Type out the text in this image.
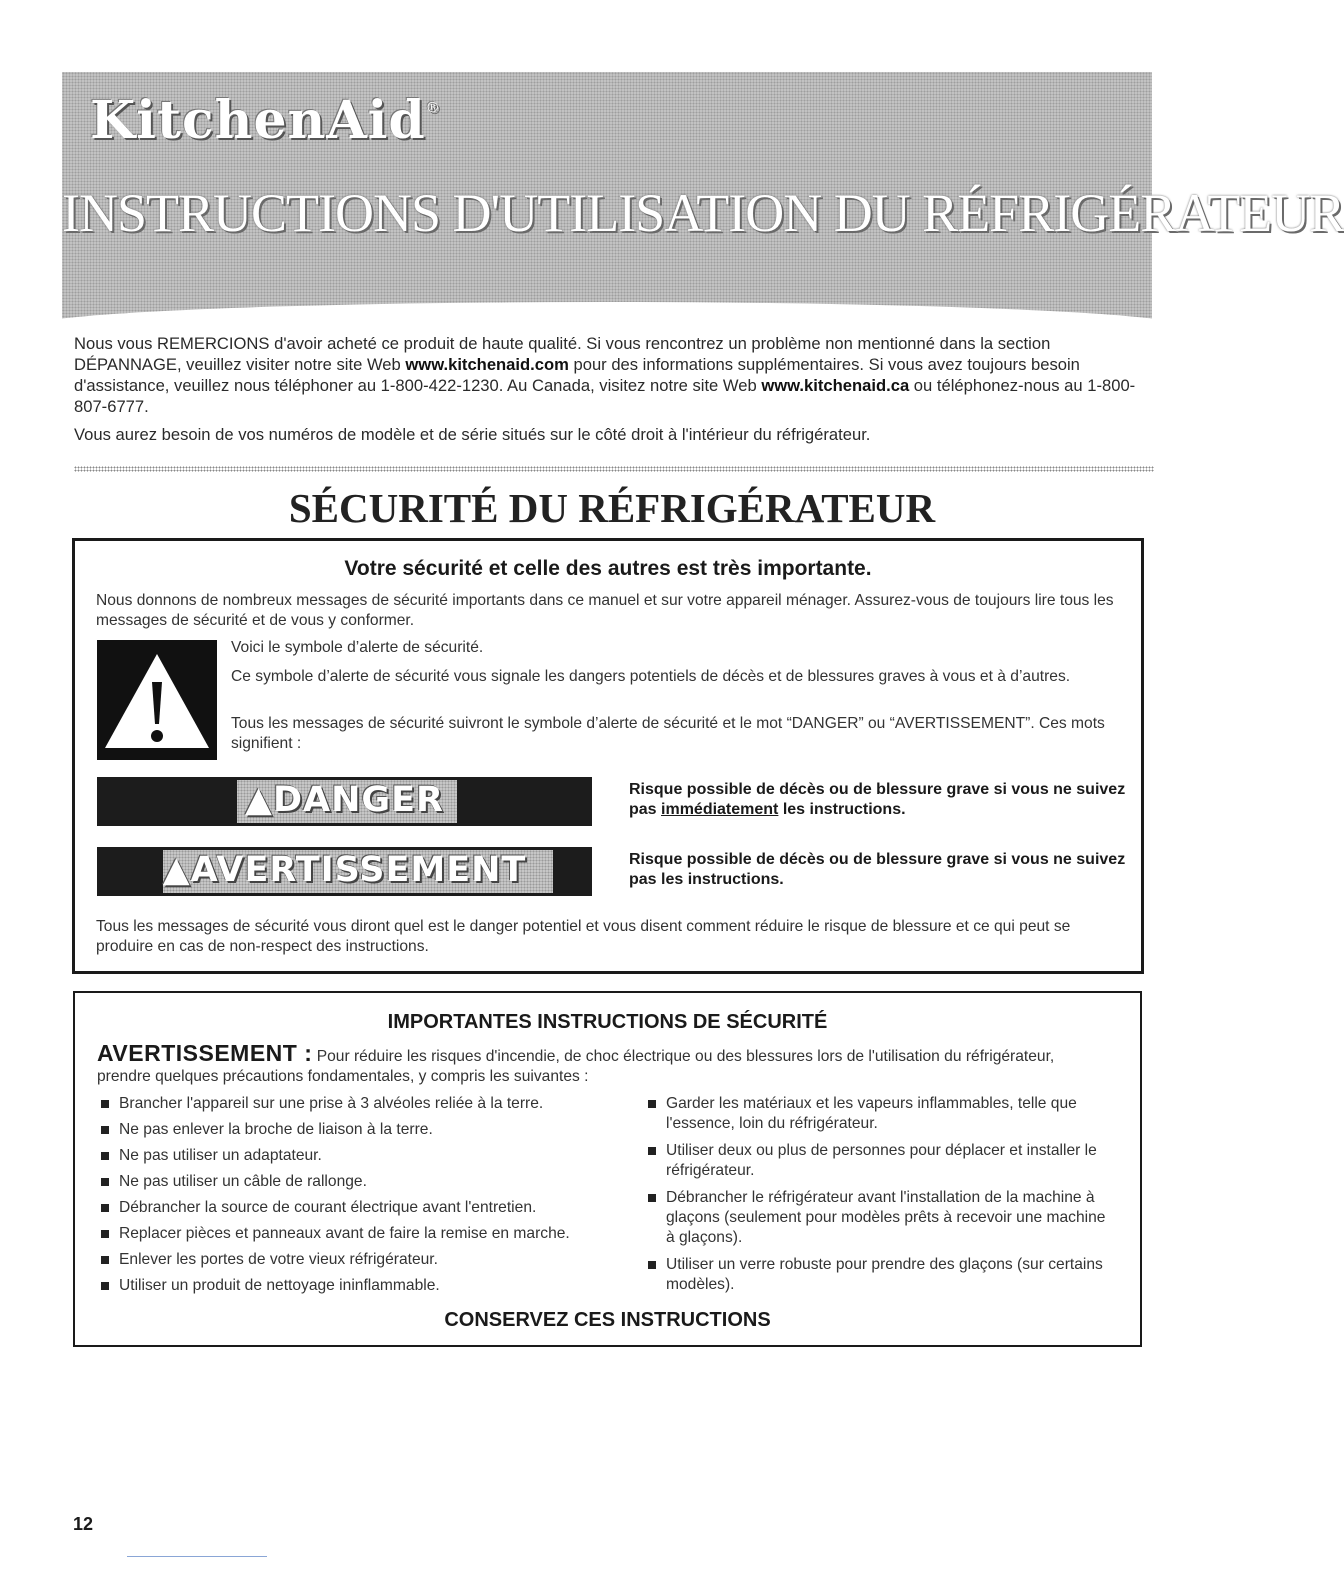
KitchenAid®
INSTRUCTIONS D'UTILISATION DU RÉFRIGÉRATEUR

Nous vous REMERCIONS d'avoir acheté ce produit de haute qualité. Si vous rencontrez un problème non mentionné dans la section DÉPANNAGE, veuillez visiter notre site Web www.kitchenaid.com pour des informations supplémentaires. Si vous avez toujours besoin d'assistance, veuillez nous téléphoner au 1-800-422-1230. Au Canada, visitez notre site Web www.kitchenaid.ca ou téléphonez-nous au 1-800-807-6777.

Vous aurez besoin de vos numéros de modèle et de série situés sur le côté droit à l'intérieur du réfrigérateur.

SÉCURITÉ DU RÉFRIGÉRATEUR
Votre sécurité et celle des autres est très importante.
Nous donnons de nombreux messages de sécurité importants dans ce manuel et sur votre appareil ménager. Assurez-vous de toujours lire tous les messages de sécurité et de vous y conformer.
Voici le symbole d’alerte de sécurité.
Ce symbole d’alerte de sécurité vous signale les dangers potentiels de décès et de blessures graves à vous et à d’autres.
Tous les messages de sécurité suivront le symbole d’alerte de sécurité et le mot “DANGER” ou “AVERTISSEMENT”. Ces mots signifient :
▲DANGER	Risque possible de décès ou de blessure grave si vous ne suivez pas immédiatement les instructions.
▲AVERTISSEMENT	Risque possible de décès ou de blessure grave si vous ne suivez pas les instructions.
Tous les messages de sécurité vous diront quel est le danger potentiel et vous disent comment réduire le risque de blessure et ce qui peut se produire en cas de non-respect des instructions.
IMPORTANTES INSTRUCTIONS DE SÉCURITÉ
AVERTISSEMENT : Pour réduire les risques d'incendie, de choc électrique ou des blessures lors de l'utilisation du réfrigérateur, prendre quelques précautions fondamentales, y compris les suivantes :
Brancher l'appareil sur une prise à 3 alvéoles reliée à la terre.
Ne pas enlever la broche de liaison à la terre.
Ne pas utiliser un adaptateur.
Ne pas utiliser un câble de rallonge.
Débrancher la source de courant électrique avant l'entretien.
Replacer pièces et panneaux avant de faire la remise en marche.
Enlever les portes de votre vieux réfrigérateur.
Utiliser un produit de nettoyage ininflammable.
Garder les matériaux et les vapeurs inflammables, telle que l'essence, loin du réfrigérateur.
Utiliser deux ou plus de personnes pour déplacer et installer le réfrigérateur.
Débrancher le réfrigérateur avant l'installation de la machine à glaçons (seulement pour modèles prêts à recevoir une machine à glaçons).
Utiliser un verre robuste pour prendre des glaçons (sur certains modèles).
CONSERVEZ CES INSTRUCTIONS
12
